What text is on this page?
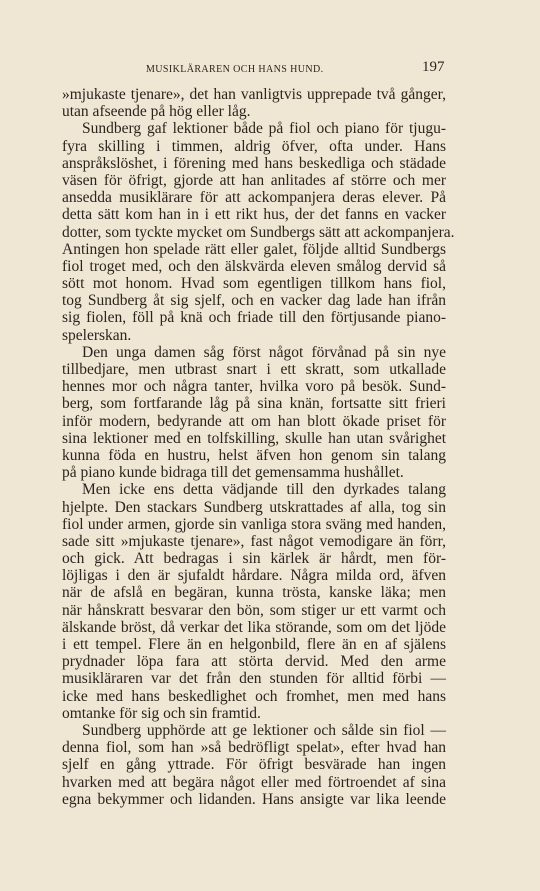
MUSIKLÄRAREN OCH HANS HUND.	197
»mjukaste tjenare», det han vanligtvis upprepade två gånger,
utan afseende på hög eller låg.
Sundberg gaf lektioner både på fiol och piano för tjugu-
fyra skilling i timmen, aldrig öfver, ofta under. Hans
anspråkslöshet, i förening med hans beskedliga och städade
väsen för öfrigt, gjorde att han anlitades af större och mer
ansedda musiklärare för att ackompanjera deras elever. På
detta sätt kom han in i ett rikt hus, der det fanns en vacker
dotter, som tyckte mycket om Sundbergs sätt att ackompanjera.
Antingen hon spelade rätt eller galet, följde alltid Sundbergs
fiol troget med, och den älskvärda eleven smålog dervid så
sött mot honom. Hvad som egentligen tillkom hans fiol,
tog Sundberg åt sig sjelf, och en vacker dag lade han ifrån
sig fiolen, föll på knä och friade till den förtjusande piano-
spelerskan.
Den unga damen såg först något förvånad på sin nye
tillbedjare, men utbrast snart i ett skratt, som utkallade
hennes mor och några tanter, hvilka voro på besök. Sund-
berg, som fortfarande låg på sina knän, fortsatte sitt frieri
inför modern, bedyrande att om han blott ökade priset för
sina lektioner med en tolfskilling, skulle han utan svårighet
kunna föda en hustru, helst äfven hon genom sin talang
på piano kunde bidraga till det gemensamma hushållet.
Men icke ens detta vädjande till den dyrkades talang
hjelpte. Den stackars Sundberg utskrattades af alla, tog sin
fiol under armen, gjorde sin vanliga stora sväng med handen,
sade sitt »mjukaste tjenare», fast något vemodigare än förr,
och gick. Att bedragas i sin kärlek är hårdt, men för-
löjligas i den är sjufaldt hårdare. Några milda ord, äfven
när de afslå en begäran, kunna trösta, kanske läka; men
när hånskratt besvarar den bön, som stiger ur ett varmt och
älskande bröst, då verkar det lika störande, som om det ljöde
i ett tempel. Flere än en helgonbild, flere än en af själens
prydnader löpa fara att störta dervid. Med den arme
musikläraren var det från den stunden för alltid förbi —
icke med hans beskedlighet och fromhet, men med hans
omtanke för sig och sin framtid.
Sundberg upphörde att ge lektioner och sålde sin fiol —
denna fiol, som han »så bedröfligt spelat», efter hvad han
sjelf en gång yttrade. För öfrigt besvärade han ingen
hvarken med att begära något eller med förtroendet af sina
egna bekymmer och lidanden. Hans ansigte var lika leende
